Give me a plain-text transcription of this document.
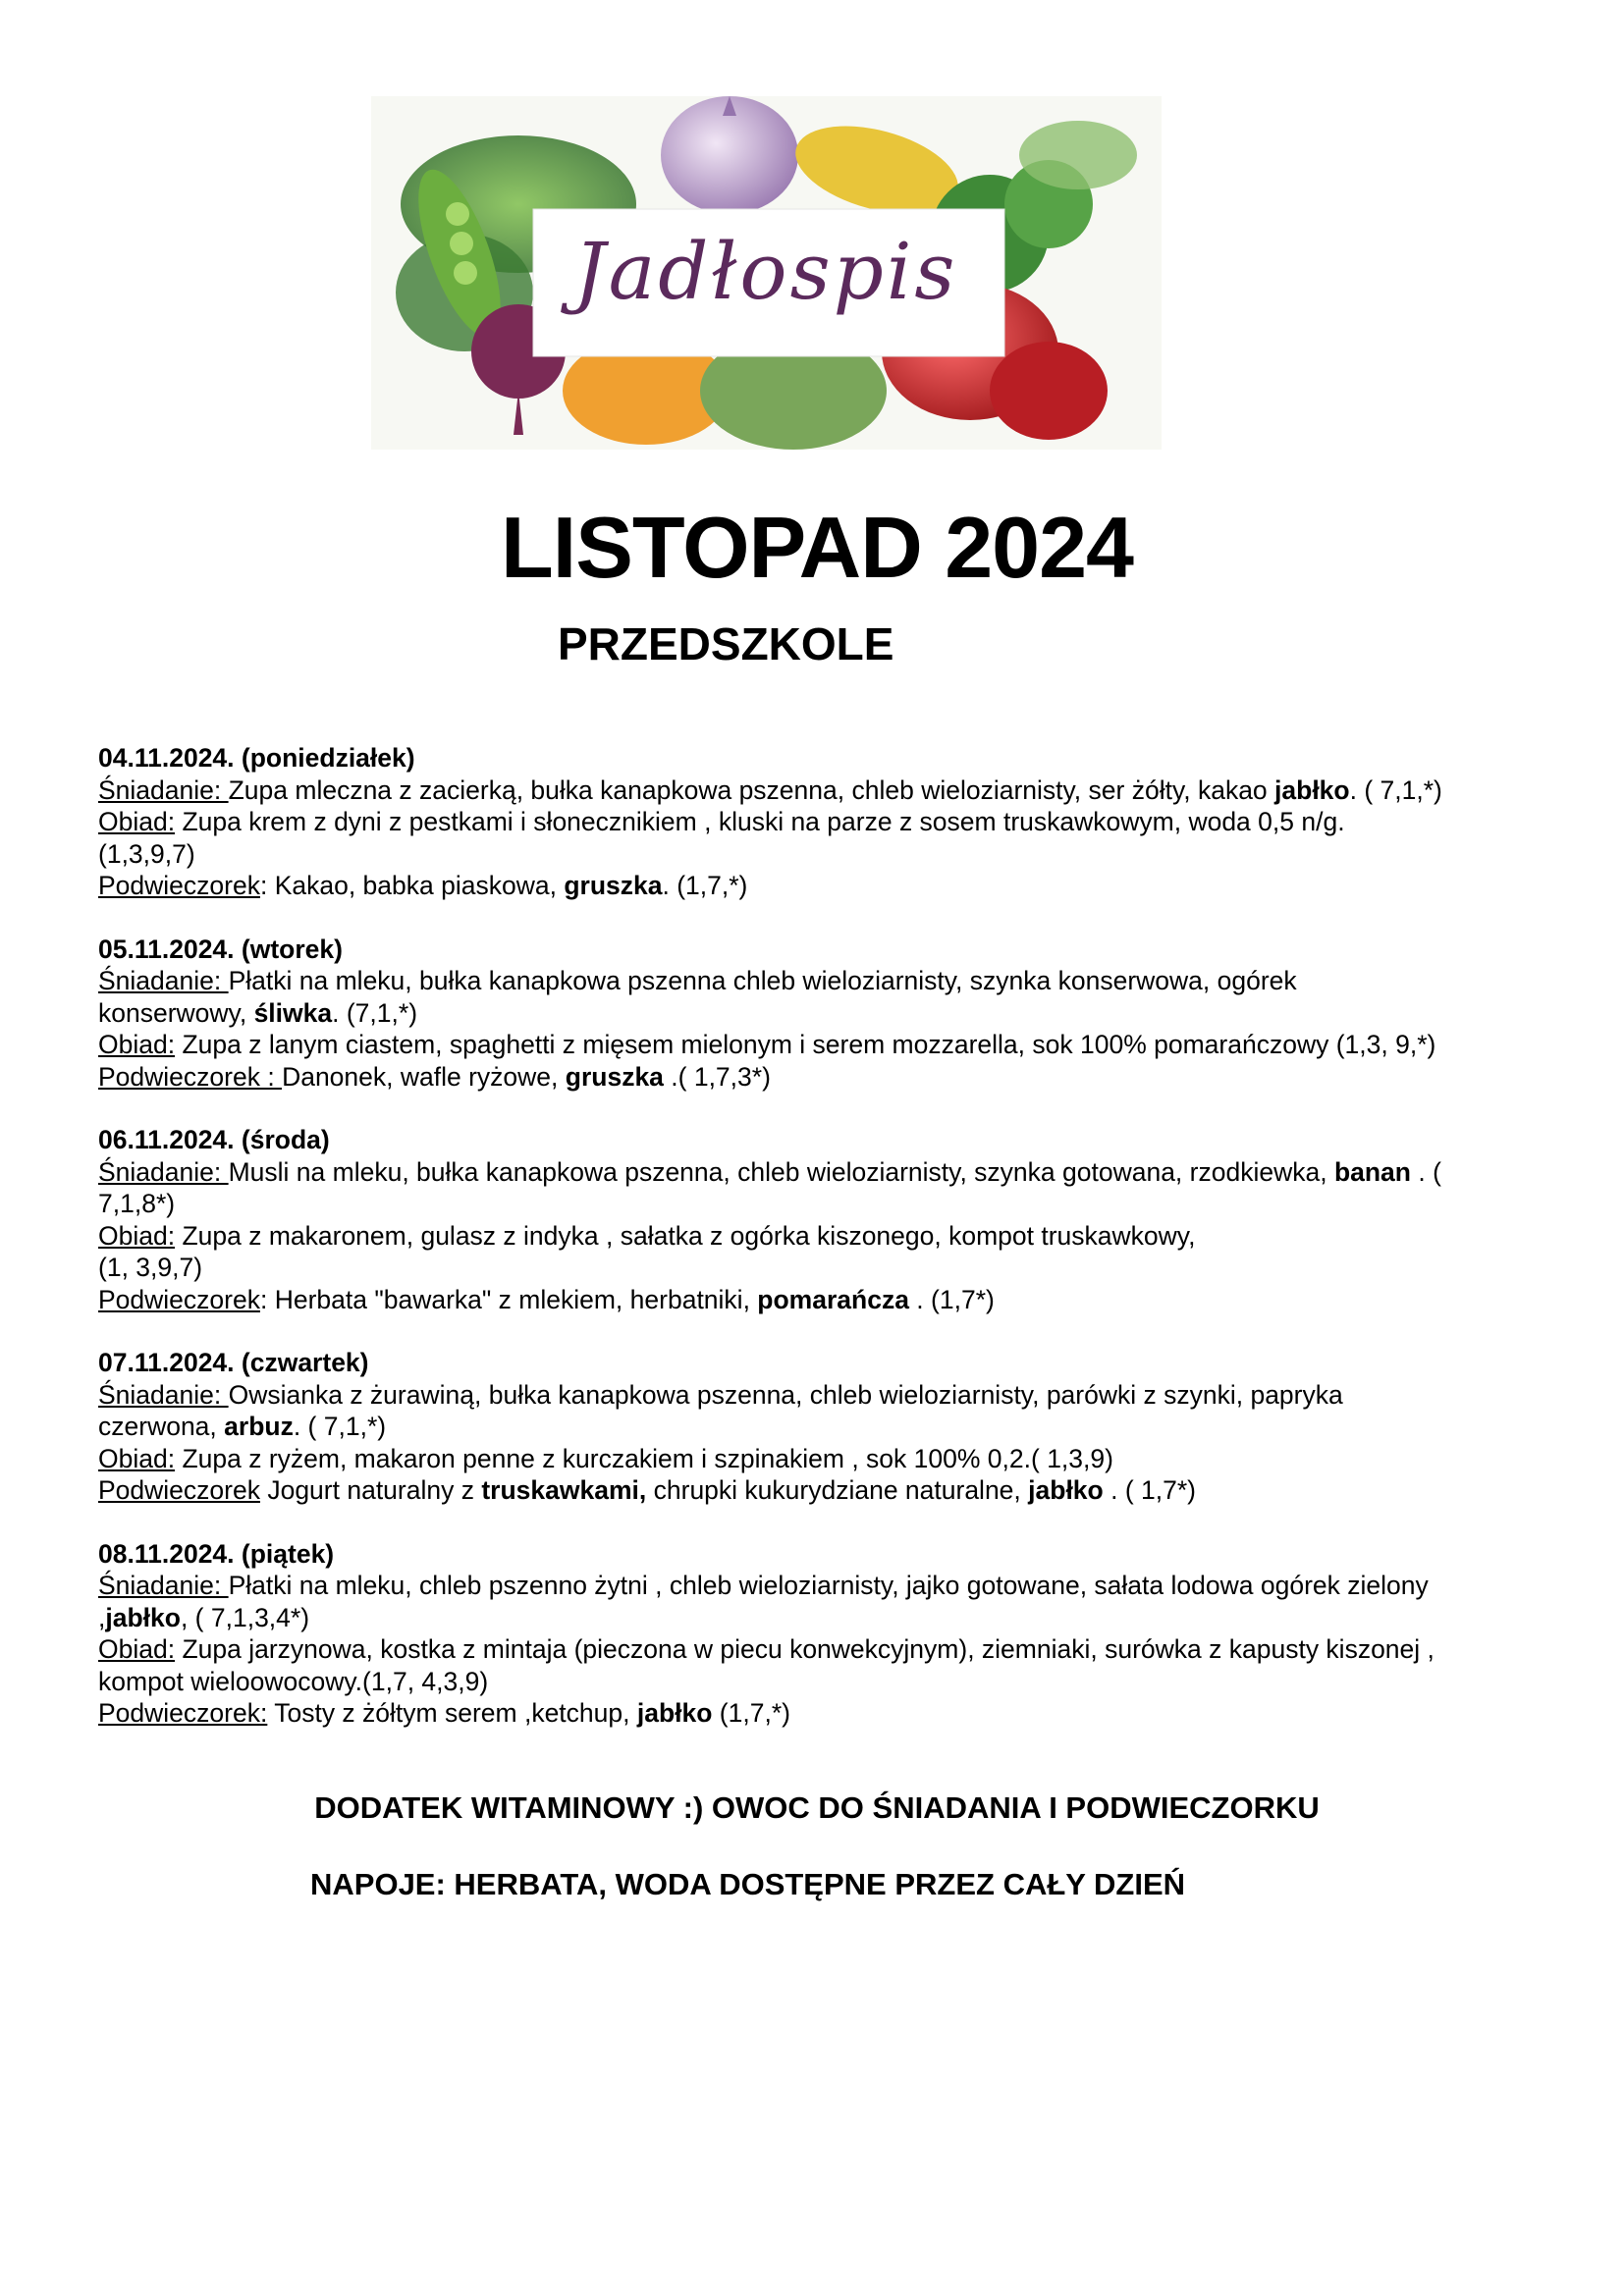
Jadłospis
LISTOPAD 2024
PRZEDSZKOLE
04.11.2024. (poniedziałek)
Śniadanie: Zupa mleczna z zacierką, bułka kanapkowa pszenna, chleb wieloziarnisty, ser żółty, kakao jabłko. ( 7,1,*)
Obiad: Zupa krem z dyni z pestkami i słonecznikiem , kluski na parze z sosem truskawkowym, woda 0,5 n/g.
(1,3,9,7)
Podwieczorek: Kakao, babka piaskowa, gruszka. (1,7,*)
05.11.2024. (wtorek)
Śniadanie: Płatki na mleku, bułka kanapkowa pszenna chleb wieloziarnisty, szynka konserwowa, ogórek
konserwowy, śliwka. (7,1,*)
Obiad: Zupa z lanym ciastem, spaghetti z mięsem mielonym i serem mozzarella, sok 100% pomarańczowy (1,3, 9,*)
Podwieczorek : Danonek, wafle ryżowe, gruszka .( 1,7,3*)
06.11.2024. (środa)
Śniadanie: Musli na mleku, bułka kanapkowa pszenna, chleb wieloziarnisty, szynka gotowana, rzodkiewka, banan . (
7,1,8*)
Obiad: Zupa z makaronem, gulasz z indyka , sałatka z ogórka kiszonego, kompot truskawkowy,
(1, 3,9,7)
Podwieczorek: Herbata "bawarka" z mlekiem, herbatniki, pomarańcza . (1,7*)
07.11.2024. (czwartek)
Śniadanie: Owsianka z żurawiną, bułka kanapkowa pszenna, chleb wieloziarnisty, parówki z szynki, papryka
czerwona, arbuz. ( 7,1,*)
Obiad: Zupa z ryżem, makaron penne z kurczakiem i szpinakiem , sok 100% 0,2.( 1,3,9)
Podwieczorek Jogurt naturalny z truskawkami, chrupki kukurydziane naturalne, jabłko . ( 1,7*)
08.11.2024. (piątek)
Śniadanie: Płatki na mleku, chleb pszenno żytni , chleb wieloziarnisty, jajko gotowane, sałata lodowa ogórek zielony
,jabłko, ( 7,1,3,4*)
Obiad: Zupa jarzynowa, kostka z mintaja (pieczona w piecu konwekcyjnym), ziemniaki, surówka z kapusty kiszonej ,
kompot wieloowocowy.(1,7, 4,3,9)
Podwieczorek: Tosty z żółtym serem ,ketchup, jabłko (1,7,*)
DODATEK WITAMINOWY :) OWOC DO ŚNIADANIA I PODWIECZORKU
NAPOJE: HERBATA, WODA DOSTĘPNE PRZEZ CAŁY DZIEŃ
